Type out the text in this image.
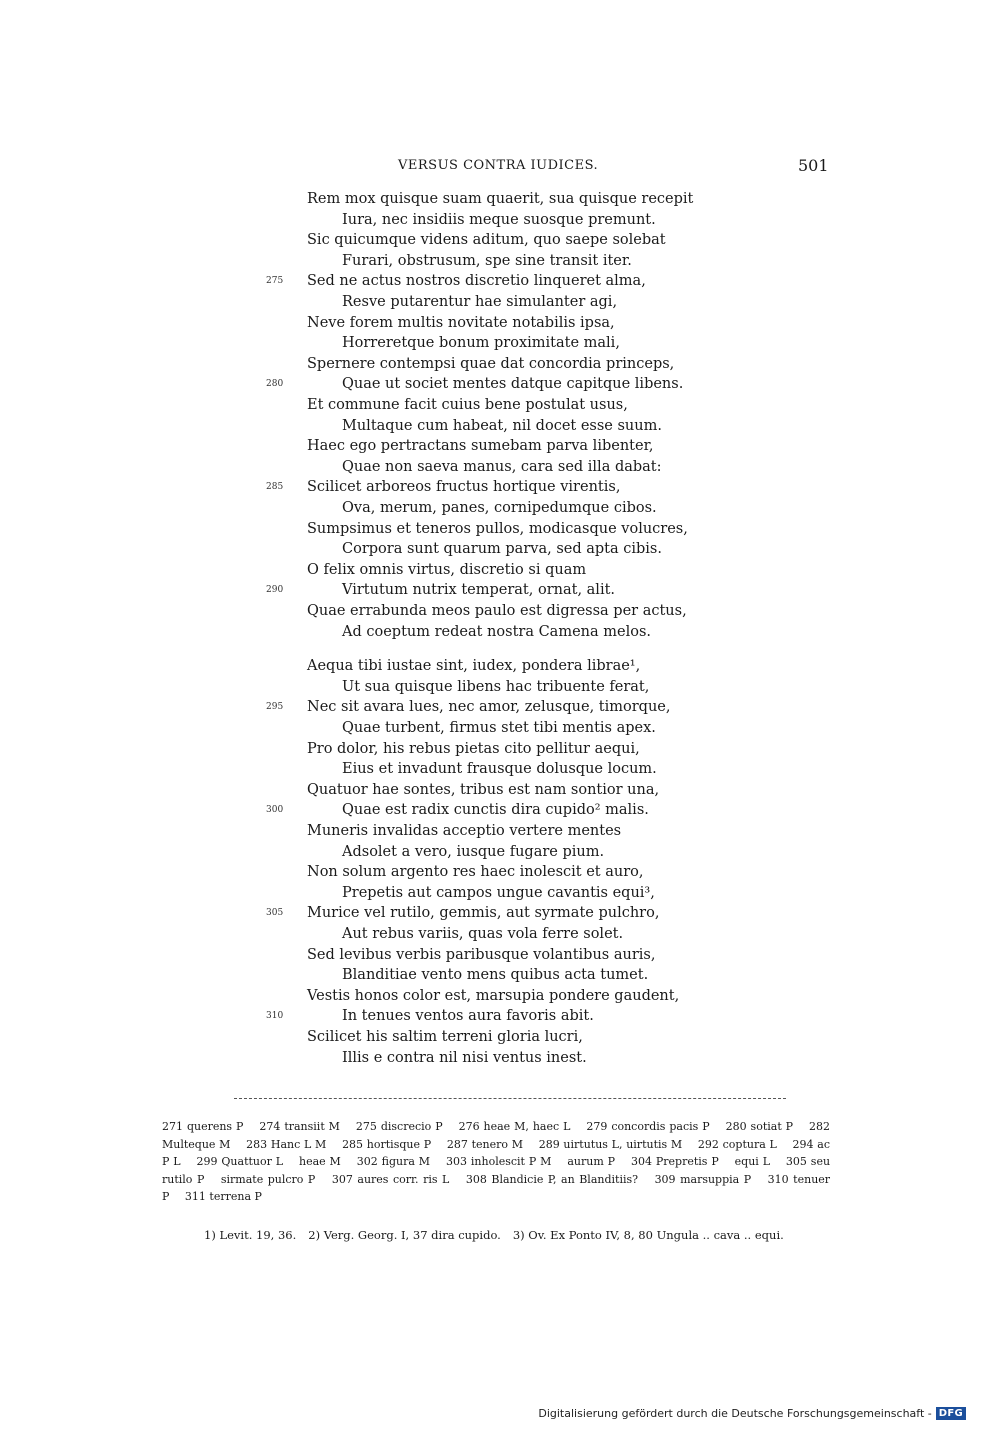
VERSUS CONTRA IUDICES.	501
Rem mox quisque suam quaerit, sua quisque recepit
Iura, nec insidiis meque suosque premunt.
Sic quicumque videns aditum, quo saepe solebat
Furari, obstrusum, spe sine transit iter.
Sed ne actus nostros discretio linqueret alma,
275
Resve putarentur hae simulanter agi,
Neve forem multis novitate notabilis ipsa,
Horreretque bonum proximitate mali,
Spernere contempsi quae dat concordia princeps,
Quae ut societ mentes datque capitque libens.
280
Et commune facit cuius bene postulat usus,
Multaque cum habeat, nil docet esse suum.
Haec ego pertractans sumebam parva libenter,
Quae non saeva manus, cara sed illa dabat:
Scilicet arboreos fructus hortique virentis,
285
Ova, merum, panes, cornipedumque cibos.
Sumpsimus et teneros pullos, modicasque volucres,
Corpora sunt quarum parva, sed apta cibis.
O felix omnis virtus, discretio si quam
Virtutum nutrix temperat, ornat, alit.
290
Quae errabunda meos paulo est digressa per actus,
Ad coeptum redeat nostra Camena melos.
Aequa tibi iustae sint, iudex, pondera librae¹,
Ut sua quisque libens hac tribuente ferat,
Nec sit avara lues, nec amor, zelusque, timorque,
295
Quae turbent, firmus stet tibi mentis apex.
Pro dolor, his rebus pietas cito pellitur aequi,
Eius et invadunt frausque dolusque locum.
Quatuor hae sontes, tribus est nam sontior una,
Quae est radix cunctis dira cupido² malis.
300
Muneris invalidas acceptio vertere mentes
Adsolet a vero, iusque fugare pium.
Non solum argento res haec inolescit et auro,
Prepetis aut campos ungue cavantis equi³,
Murice vel rutilo, gemmis, aut syrmate pulchro,
305
Aut rebus variis, quas vola ferre solet.
Sed levibus verbis paribusque volantibus auris,
Blanditiae vento mens quibus acta tumet.
Vestis honos color est, marsupia pondere gaudent,
In tenues ventos aura favoris abit.
310
Scilicet his saltim terreni gloria lucri,
Illis e contra nil nisi ventus inest.
271 querens P 274 transiit M 275 discrecio P 276 heae M, haec L 279 concordis pacis P 280 sotiat P 282 Multeque M 283 Hanc L M 285 hortisque P 287 tenero M 289 uirtutus L, uirtutis M 292 coptura L 294 ac P L 299 Quattuor L heae M 302 figura M 303 inholescit P M aurum P 304 Prepretis P equi L 305 seu rutilo P sirmate pulcro P 307 aures corr. ris L 308 Blandicie P, an Blanditiis? 309 marsuppia P 310 tenuer P 311 terrena P
1) Levit. 19, 36. 2) Verg. Georg. I, 37 dira cupido. 3) Ov. Ex Ponto IV, 8, 80 Ungula .. cava .. equi.
Digitalisierung gefördert durch die Deutsche Forschungsgemeinschaft - DFG
